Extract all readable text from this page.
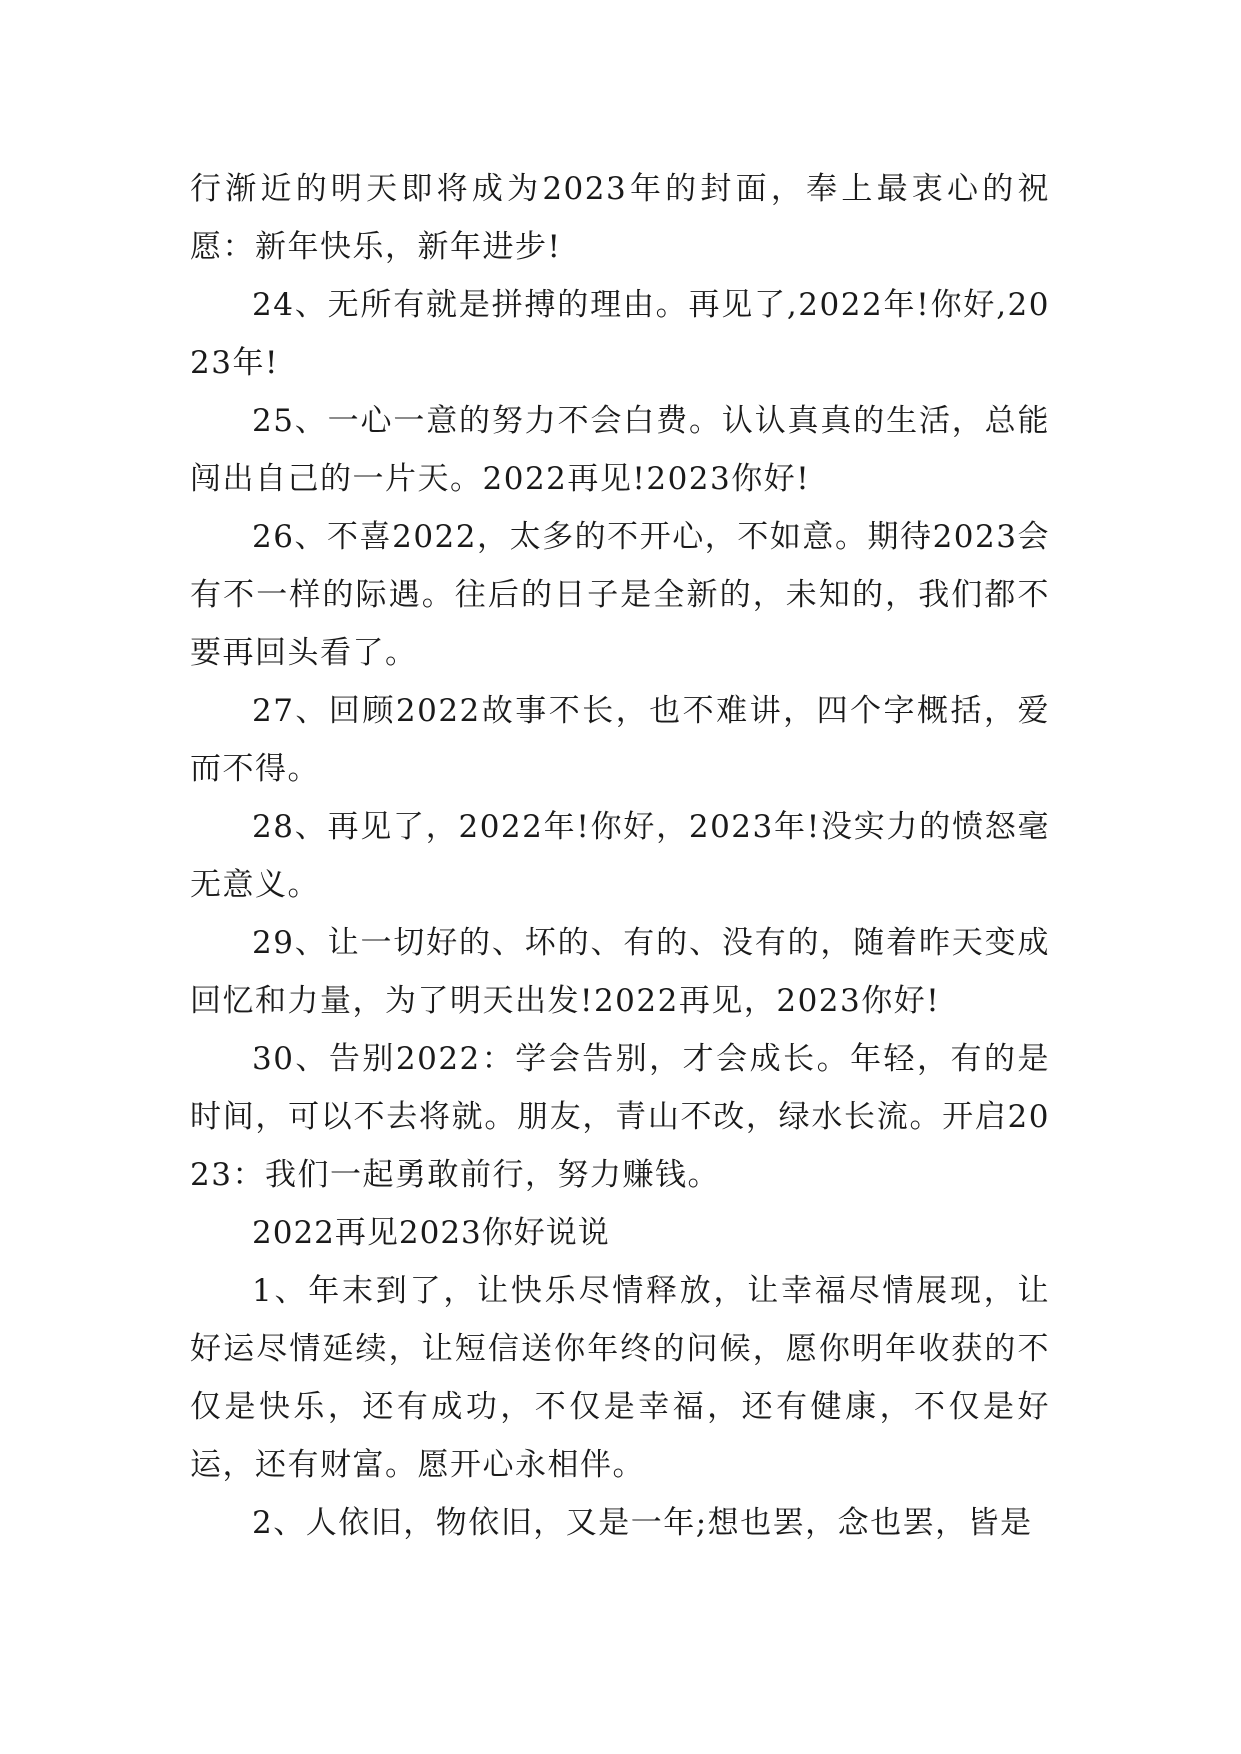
行渐近的明天即将成为2023年的封面，奉上最衷心的祝愿：新年快乐，新年进步!

24、无所有就是拼搏的理由。再见了,2022年!你好,2023年!

25、一心一意的努力不会白费。认认真真的生活，总能闯出自己的一片天。2022再见!2023你好!

26、不喜2022，太多的不开心，不如意。期待2023会有不一样的际遇。往后的日子是全新的，未知的，我们都不要再回头看了。

27、回顾2022故事不长，也不难讲，四个字概括，爱而不得。

28、再见了，2022年!你好，2023年!没实力的愤怒毫无意义。

29、让一切好的、坏的、有的、没有的，随着昨天变成回忆和力量，为了明天出发!2022再见，2023你好!

30、告别2022：学会告别，才会成长。年轻，有的是时间，可以不去将就。朋友，青山不改，绿水长流。开启2023：我们一起勇敢前行，努力赚钱。

2022再见2023你好说说

1、年末到了，让快乐尽情释放，让幸福尽情展现，让好运尽情延续，让短信送你年终的问候，愿你明年收获的不仅是快乐，还有成功，不仅是幸福，还有健康，不仅是好运，还有财富。愿开心永相伴。

2、人依旧，物依旧，又是一年;想也罢，念也罢，皆是
